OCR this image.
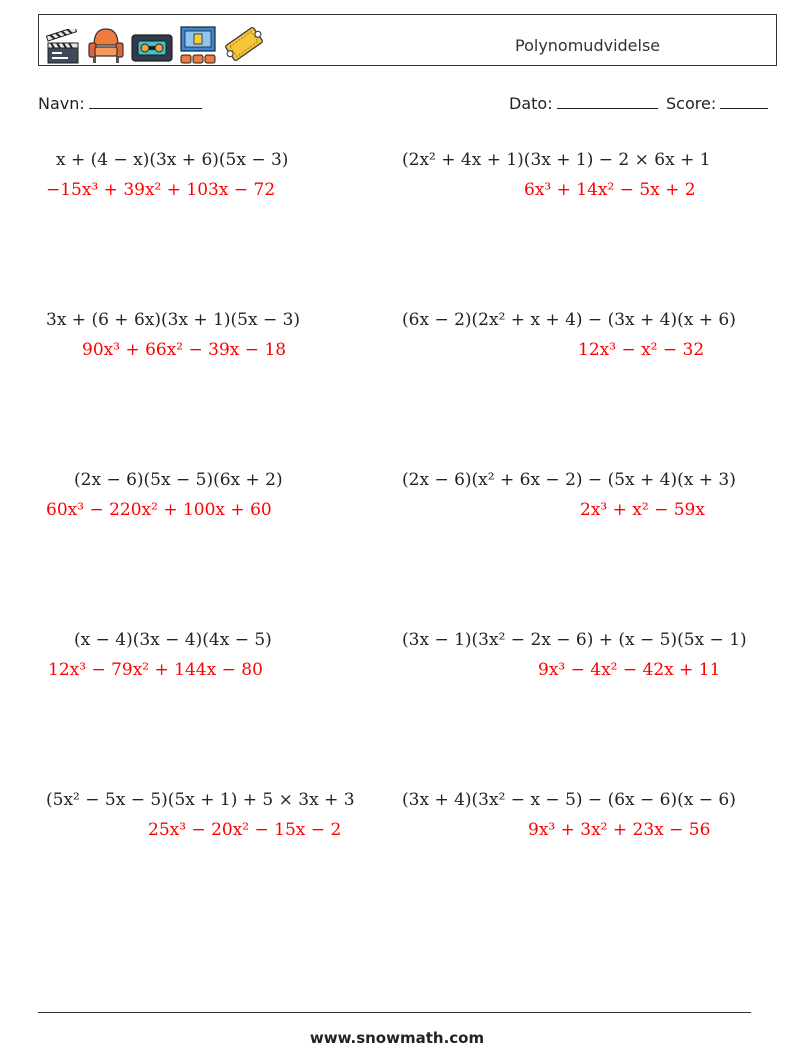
Polynomudvidelse
Navn:	Dato:	Score:
x + (4 − x)(3x + 6)(5x − 3)
−15x³ + 39x² + 103x − 72
(2x² + 4x + 1)(3x + 1) − 2 × 6x + 1
6x³ + 14x² − 5x + 2
3x + (6 + 6x)(3x + 1)(5x − 3)
90x³ + 66x² − 39x − 18
(6x − 2)(2x² + x + 4) − (3x + 4)(x + 6)
12x³ − x² − 32
(2x − 6)(5x − 5)(6x + 2)
60x³ − 220x² + 100x + 60
(2x − 6)(x² + 6x − 2) − (5x + 4)(x + 3)
2x³ + x² − 59x
(x − 4)(3x − 4)(4x − 5)
12x³ − 79x² + 144x − 80
(3x − 1)(3x² − 2x − 6) + (x − 5)(5x − 1)
9x³ − 4x² − 42x + 11
(5x² − 5x − 5)(5x + 1) + 5 × 3x + 3
25x³ − 20x² − 15x − 2
(3x + 4)(3x² − x − 5) − (6x − 6)(x − 6)
9x³ + 3x² + 23x − 56
www.snowmath.com
